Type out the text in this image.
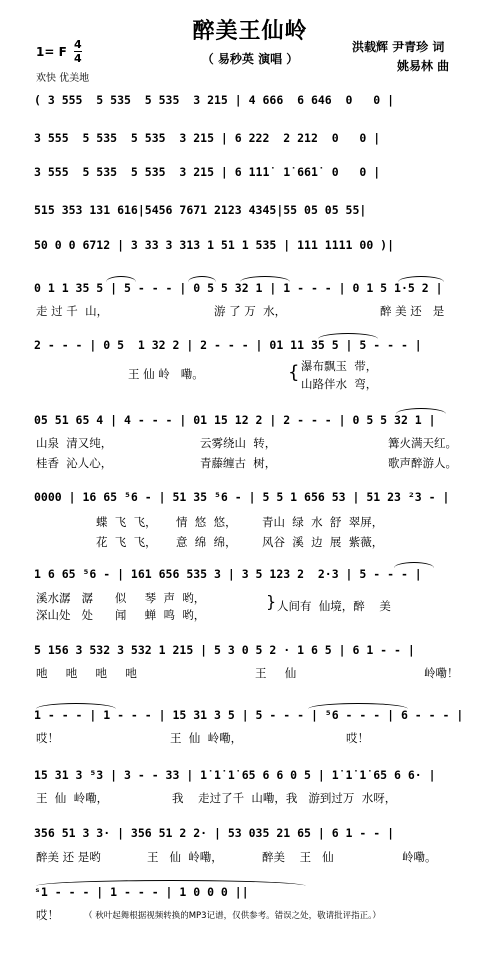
醉美王仙岭
（ 易秒英 演唱 ）
洪载辉 尹青珍 词
姚易林 曲
1= F
4
4
欢快 优美地
( 3 555  5 535  5 535  3 215 | 4 666  6 646  0   0 |
3 555  5 535  5 535  3 215 | 6 222  2 212  0   0 |
3 555  5 535  5 535  3 215 | 6 1̇1̇1̇  1̇ 66̇1̇  0   0 |
515 353 131 616|5456 7671 2123 4345|55 05 05 55|
50 0 0 6712 | 3 33 3 313 1 51 1 535 | 111 1111 00 )|
0 1 1 35 5 | 5 - - - | 0 5 5 32 1 | 1 - - - | 0 1 5 1·5 2 |
走 过 千  山，	游 了 万  水，	醉 美 还   是
2 - - - | 0 5  1 32 2 | 2 - - - | 01 11 35 5 | 5 - - - |
王 仙 岭   嘞。	{ 瀑布飘玉  带，
山路伴水  弯，
05 51 65 4 | 4 - - - | 01 15 12 2 | 2 - - - | 0 5 5 32 1 |
山泉  清又纯，	云雾绕山  转，	篝火满天红。
桂香  沁人心，	青藤缠古  树，	歌声醉游人。
0000 | 16 65 ⁵6 - | 51 35 ⁵6 - | 5 5 1 656 53 | 51 23 ²3 - |
蝶  飞  飞， 情  悠  悠， 青山  绿  水  舒  翠屏，
花  飞  飞， 意  绵  绵， 风谷  溪  边  展  紫薇，
1 6 65 ⁵6 - | 161 656 535 3 | 3 5 123 2  2·3 | 5 - - - |
溪水潺   潺      似     琴  声  哟，
深山处   处      闻     蝉  鸣  哟，
} 人间有  仙境，醉    美
5 156 3 532 3 532 1 215 | 5 3 0 5 2 · 1 6 5 | 6 1 - - |
吔     吔     吔     吔	王     仙	岭嘞！
1 - - - | 1 - - - | 15 31 3 5 | 5 - - - | ⁵6 - - - | 6 - - - |
哎！	王  仙  岭嘞，	哎！
15 31 3 ⁵3 | 3 - - 33 | 1̇ 1̇ 1̇ 65 6 6 0 5 | 1̇ 1̇ 1̇ 65 6 6· |
王  仙  岭嘞，	我    走过了千  山嘞，我   游到过万  水呀，
356 51 3 3· | 356 51 2 2· | 53 035 21 65 | 6 1 - - |
醉美 还 是哟	王   仙  岭嘞，	醉美    王   仙	岭嘞。
ˢ1 - - - | 1 - - - | 1 0 0 0 ||
哎！	（ 秋叶起舞根据视频转换的MP3记谱，仅供参考。错误之处，敬请批评指正。）
